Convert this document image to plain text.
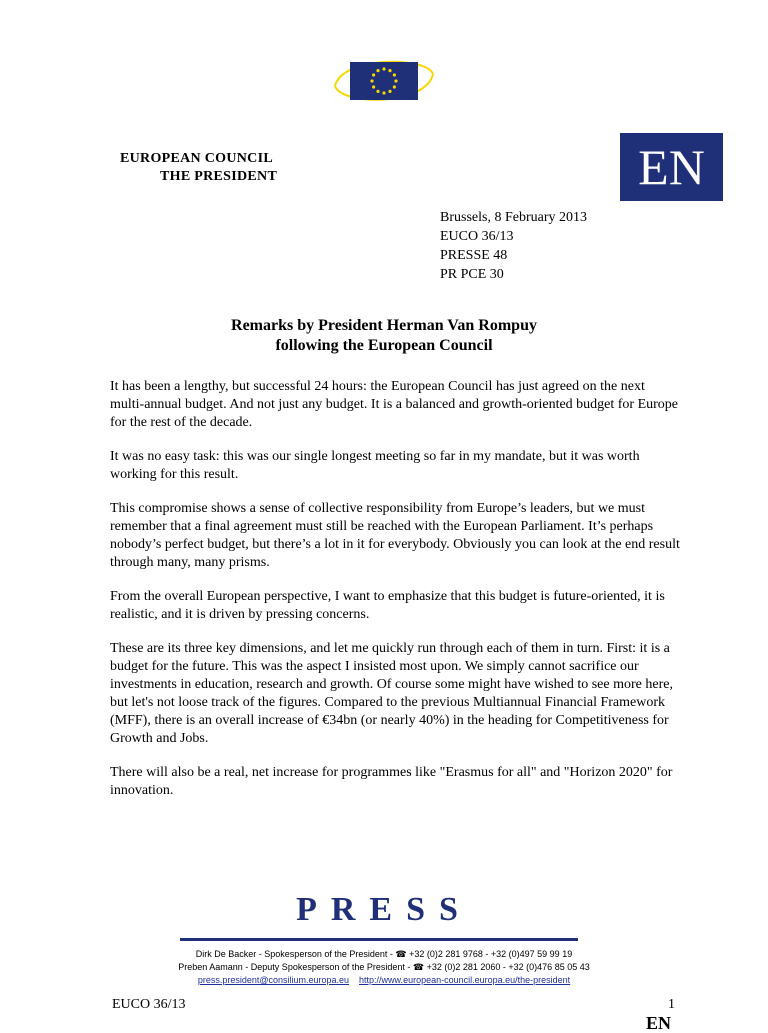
EUROPEAN COUNCIL
THE PRESIDENT	EN
Brussels, 8 February 2013
EUCO 36/13
PRESSE 48
PR PCE 30
Remarks by President Herman Van Rompuy
following the European Council

It has been a lengthy, but successful 24 hours: the European Council has just agreed on the next multi-annual budget. And not just any budget. It is a balanced and growth-oriented budget for Europe for the rest of the decade.

It was no easy task: this was our single longest meeting so far in my mandate, but it was worth working for this result.

This compromise shows a sense of collective responsibility from Europe’s leaders, but we must remember that a final agreement must still be reached with the European Parliament. It’s perhaps nobody’s perfect budget, but there’s a lot in it for everybody. Obviously you can look at the end result through many, many prisms.

From the overall European perspective, I want to emphasize that this budget is future-oriented, it is realistic, and it is driven by pressing concerns.

These are its three key dimensions, and let me quickly run through each of them in turn. First: it is a budget for the future. This was the aspect I insisted most upon. We simply cannot sacrifice our investments in education, research and growth. Of course some might have wished to see more here, but let's not loose track of the figures. Compared to the previous Multiannual Financial Framework (MFF), there is an overall increase of €34bn (or nearly 40%) in the heading for Competitiveness for Growth and Jobs.

There will also be a real, net increase for programmes like "Erasmus for all" and "Horizon 2020" for innovation.

PRESS
Dirk De Backer - Spokesperson of the President - ☎ +32 (0)2 281 9768 - +32 (0)497 59 99 19
Preben Aamann - Deputy Spokesperson of the President - ☎ +32 (0)2 281 2060 - +32 (0)476 85 05 43
press.president@consilium.europa.eu http://www.european-council.europa.eu/the-president
EUCO 36/13	1
EN
